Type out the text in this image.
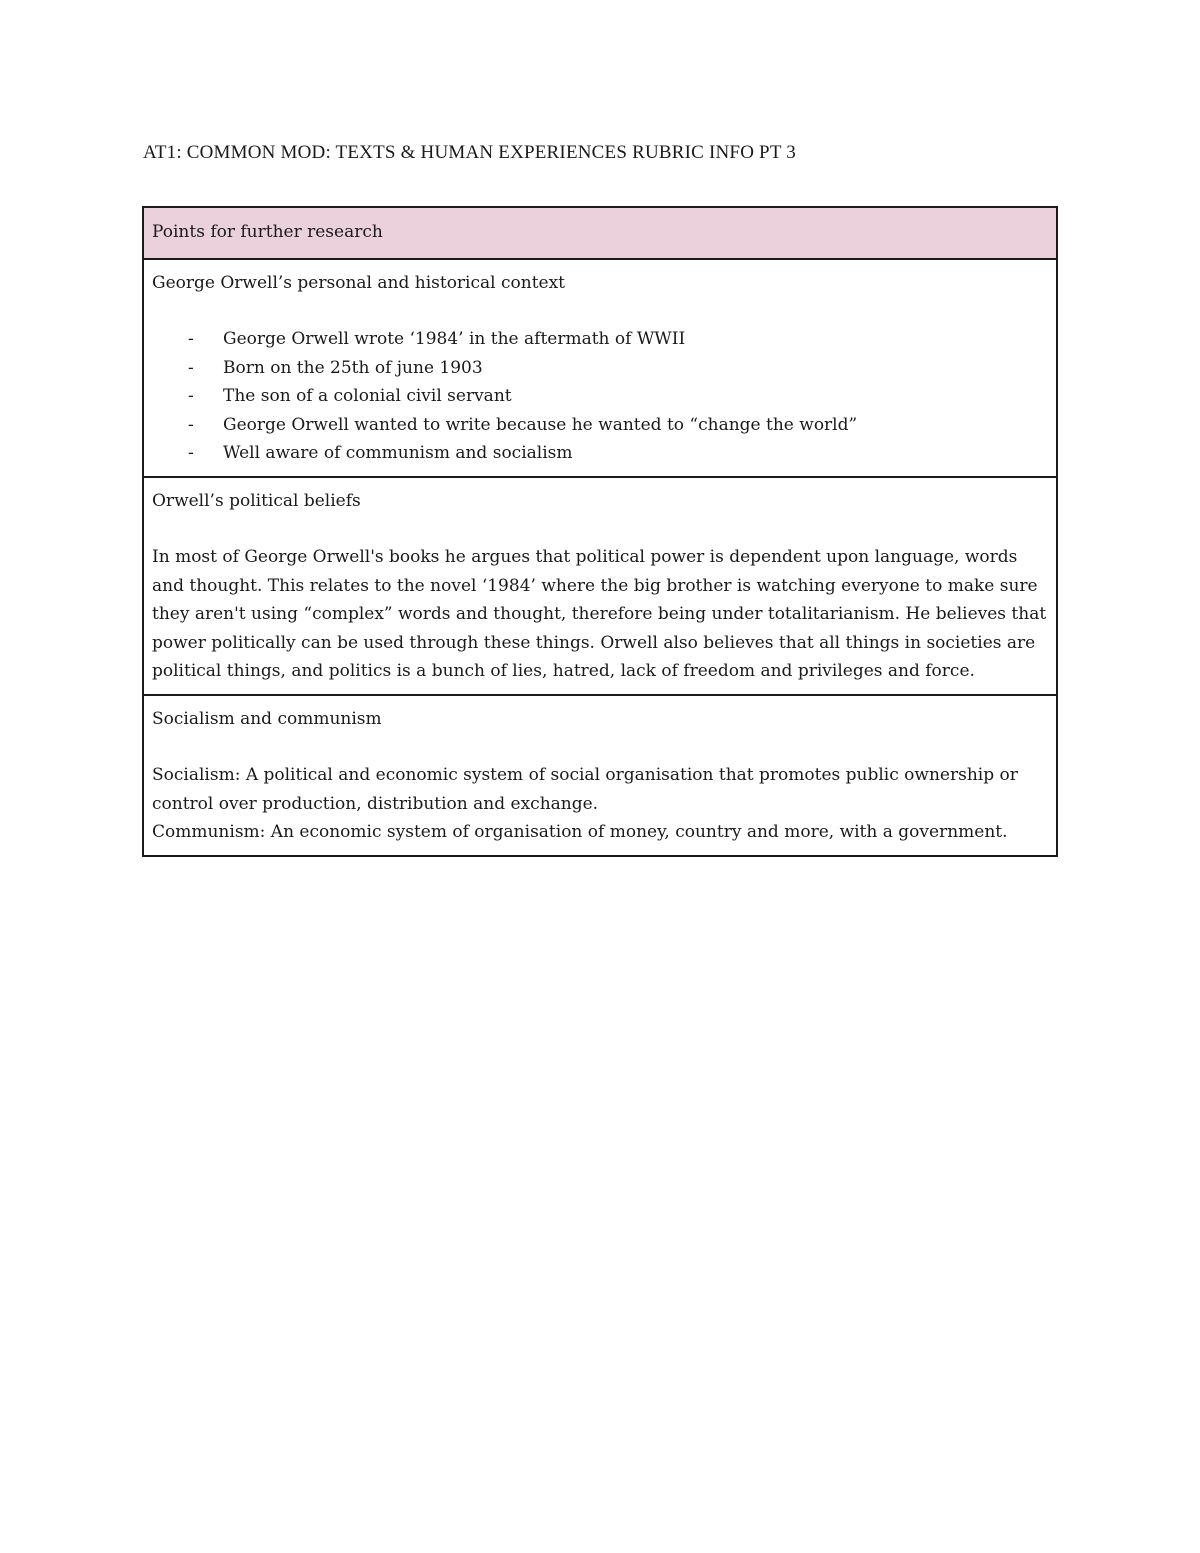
AT1: COMMON MOD: TEXTS & HUMAN EXPERIENCES RUBRIC INFO PT 3
Points for further research
George Orwell’s personal and historical context
- George Orwell wrote ‘1984’ in the aftermath of WWII
- Born on the 25th of june 1903
- The son of a colonial civil servant
- George Orwell wanted to write because he wanted to “change the world”
- Well aware of communism and socialism
Orwell’s political beliefs

In most of George Orwell's books he argues that political power is dependent upon language, words and thought. This relates to the novel ‘1984’ where the big brother is watching everyone to make sure they aren't using “complex” words and thought, therefore being under totalitarianism. He believes that power politically can be used through these things. Orwell also believes that all things in societies are political things, and politics is a bunch of lies, hatred, lack of freedom and privileges and force.

Socialism and communism

Socialism: A political and economic system of social organisation that promotes public ownership or control over production, distribution and exchange.

Communism: An economic system of organisation of money, country and more, with a government.
